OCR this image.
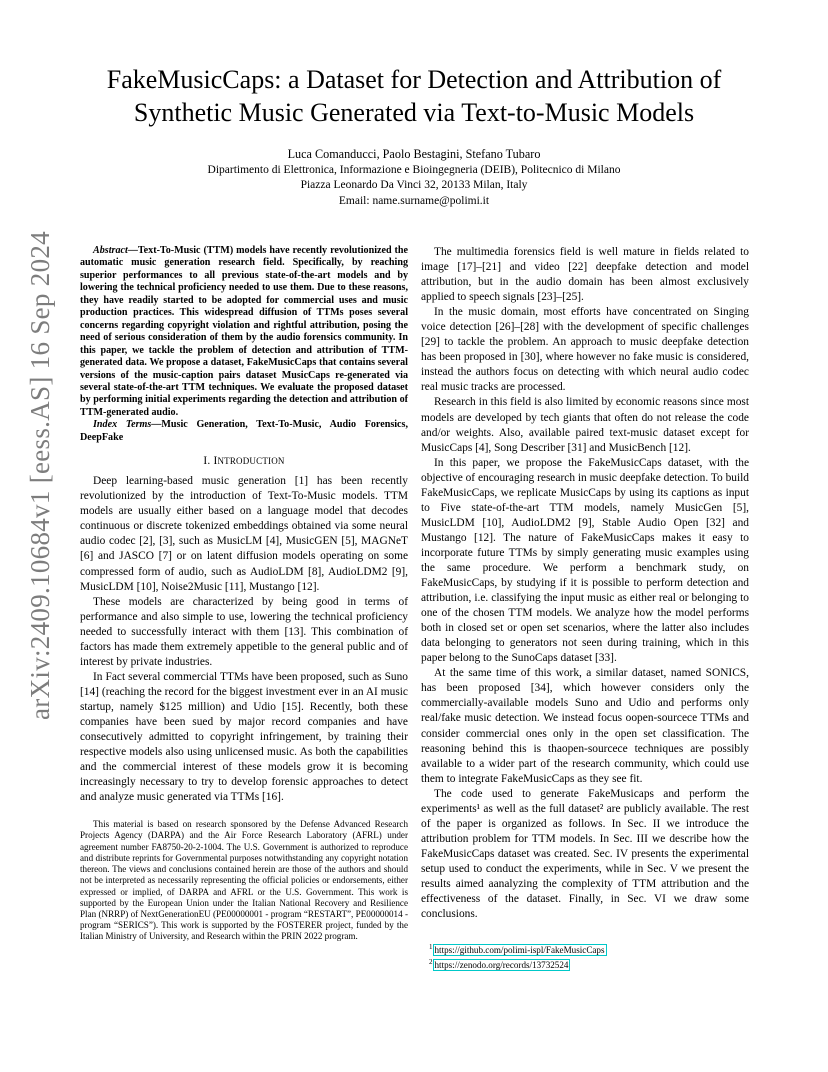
arXiv:2409.10684v1 [eess.AS] 16 Sep 2024
FakeMusicCaps: a Dataset for Detection and Attribution of Synthetic Music Generated via Text-to-Music Models
Luca Comanducci, Paolo Bestagini, Stefano Tubaro
Dipartimento di Elettronica, Informazione e Bioingegneria (DEIB), Politecnico di Milano
Piazza Leonardo Da Vinci 32, 20133 Milan, Italy
Email: name.surname@polimi.it

Abstract—Text-To-Music (TTM) models have recently revolutionized the automatic music generation research field. Specifically, by reaching superior performances to all previous state-of-the-art models and by lowering the technical proficiency needed to use them. Due to these reasons, they have readily started to be adopted for commercial uses and music production practices. This widespread diffusion of TTMs poses several concerns regarding copyright violation and rightful attribution, posing the need of serious consideration of them by the audio forensics community. In this paper, we tackle the problem of detection and attribution of TTM-generated data. We propose a dataset, FakeMusicCaps that contains several versions of the music-caption pairs dataset MusicCaps re-generated via several state-of-the-art TTM techniques. We evaluate the proposed dataset by performing initial experiments regarding the detection and attribution of TTM-generated audio.

Index Terms—Music Generation, Text-To-Music, Audio Forensics, DeepFake

I. INTRODUCTION

Deep learning-based music generation [1] has been recently revolutionized by the introduction of Text-To-Music models. TTM models are usually either based on a language model that decodes continuous or discrete tokenized embeddings obtained via some neural audio codec [2], [3], such as MusicLM [4], MusicGEN [5], MAGNeT [6] and JASCO [7] or on latent diffusion models operating on some compressed form of audio, such as AudioLDM [8], AudioLDM2 [9], MusicLDM [10], Noise2Music [11], Mustango [12].

These models are characterized by being good in terms of performance and also simple to use, lowering the technical proficiency needed to successfully interact with them [13]. This combination of factors has made them extremely appetible to the general public and of interest by private industries.

In Fact several commercial TTMs have been proposed, such as Suno [14] (reaching the record for the biggest investment ever in an AI music startup, namely $125 million) and Udio [15]. Recently, both these companies have been sued by major record companies and have consecutively admitted to copyright infringement, by training their respective models also using unlicensed music. As both the capabilities and the commercial interest of these models grow it is becoming increasingly necessary to try to develop forensic approaches to detect and analyze music generated via TTMs [16].

This material is based on research sponsored by the Defense Advanced Research Projects Agency (DARPA) and the Air Force Research Laboratory (AFRL) under agreement number FA8750-20-2-1004. The U.S. Government is authorized to reproduce and distribute reprints for Governmental purposes notwithstanding any copyright notation thereon. The views and conclusions contained herein are those of the authors and should not be interpreted as necessarily representing the official policies or endorsements, either expressed or implied, of DARPA and AFRL or the U.S. Government. This work is supported by the European Union under the Italian National Recovery and Resilience Plan (NRRP) of NextGenerationEU (PE00000001 - program “RESTART”, PE00000014 - program “SERICS”). This work is supported by the FOSTERER project, funded by the Italian Ministry of University, and Research within the PRIN 2022 program.

The multimedia forensics field is well mature in fields related to image [17]–[21] and video [22] deepfake detection and model attribution, but in the audio domain has been almost exclusively applied to speech signals [23]–[25].

In the music domain, most efforts have concentrated on Singing voice detection [26]–[28] with the development of specific challenges [29] to tackle the problem. An approach to music deepfake detection has been proposed in [30], where however no fake music is considered, instead the authors focus on detecting with which neural audio codec real music tracks are processed.

Research in this field is also limited by economic reasons since most models are developed by tech giants that often do not release the code and/or weights. Also, available paired text-music dataset except for MusicCaps [4], Song Describer [31] and MusicBench [12].

In this paper, we propose the FakeMusicCaps dataset, with the objective of encouraging research in music deepfake detection. To build FakeMusicCaps, we replicate MusicCaps by using its captions as input to Five state-of-the-art TTM models, namely MusicGen [5], MusicLDM [10], AudioLDM2 [9], Stable Audio Open [32] and Mustango [12]. The nature of FakeMusicCaps makes it easy to incorporate future TTMs by simply generating music examples using the same procedure. We perform a benchmark study, on FakeMusicCaps, by studying if it is possible to perform detection and attribution, i.e. classifying the input music as either real or belonging to one of the chosen TTM models. We analyze how the model performs both in closed set or open set scenarios, where the latter also includes data belonging to generators not seen during training, which in this paper belong to the SunoCaps dataset [33].

At the same time of this work, a similar dataset, named SONICS, has been proposed [34], which however considers only the commercially-available models Suno and Udio and performs only real/fake music detection. We instead focus oopen-sourcece TTMs and consider commercial ones only in the open set classification. The reasoning behind this is thaopen-sourcece techniques are possibly available to a wider part of the research community, which could use them to integrate FakeMusicCaps as they see fit.

The code used to generate FakeMusicaps and perform the experiments¹ as well as the full dataset² are publicly available. The rest of the paper is organized as follows. In Sec. II we introduce the attribution problem for TTM models. In Sec. III we describe how the FakeMusicCaps dataset was created. Sec. IV presents the experimental setup used to conduct the experiments, while in Sec. V we present the results aimed aanalyzing the complexity of TTM attribution and the effectiveness of the dataset. Finally, in Sec. VI we draw some conclusions.

$^1$ https://github.com/polimi-ispl/FakeMusicCaps

$^2$ https://zenodo.org/records/13732524
